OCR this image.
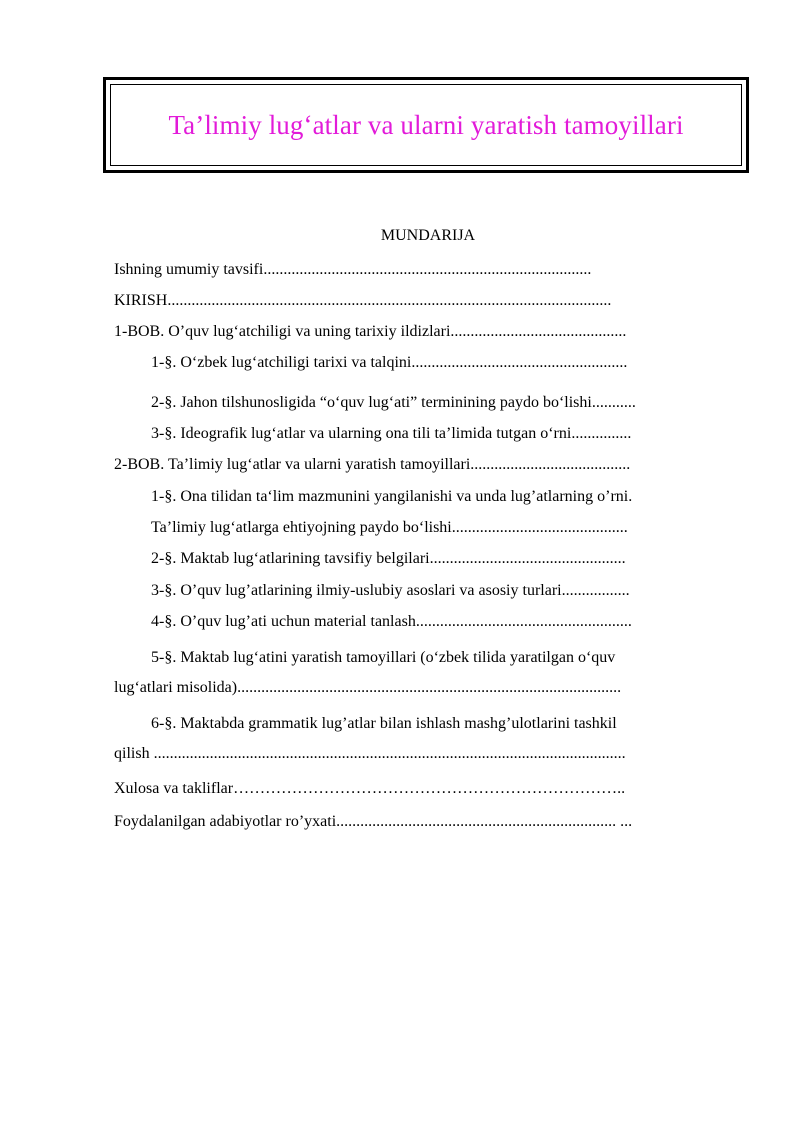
Ta’limiy lug‘atlar va ularni yaratish tamoyillari
MUNDARIJA
Ishning umumiy tavsifi..................................................................................
KIRISH...............................................................................................................
1-BOB. O’quv lug‘atchiligi va uning tarixiy ildizlari............................................
1-§. O‘zbek lug‘atchiligi tarixi va talqini......................................................
2-§. Jahon tilshunosligida “o‘quv lug‘ati” terminining paydo bo‘lishi...........
3-§. Ideografik lug‘atlar va ularning ona tili ta’limida tutgan o‘rni...............
2-BOB. Ta’limiy lug‘atlar va ularni yaratish tamoyillari........................................
1-§. Ona tilidan ta‘lim mazmunini yangilanishi va unda lug’atlarning o’rni.
Ta’limiy lug‘atlarga ehtiyojning paydo bo‘lishi............................................
2-§. Maktab lug‘atlarining tavsifiy belgilari.................................................
3-§. O’quv lug’atlarining ilmiy-uslubiy asoslari va asosiy turlari.................
4-§. O’quv lug’ati uchun material tanlash......................................................
5-§. Maktab lug‘atini yaratish tamoyillari (o‘zbek tilida yaratilgan o‘quv
lug‘atlari misolida)................................................................................................
6-§. Maktabda grammatik lug’atlar bilan ishlash mashg’ulotlarini tashkil
qilish ......................................................................................................................
Xulosa va takliflar………………………………………………………………..
Foydalanilgan adabiyotlar ro’yxati...................................................................... ...
